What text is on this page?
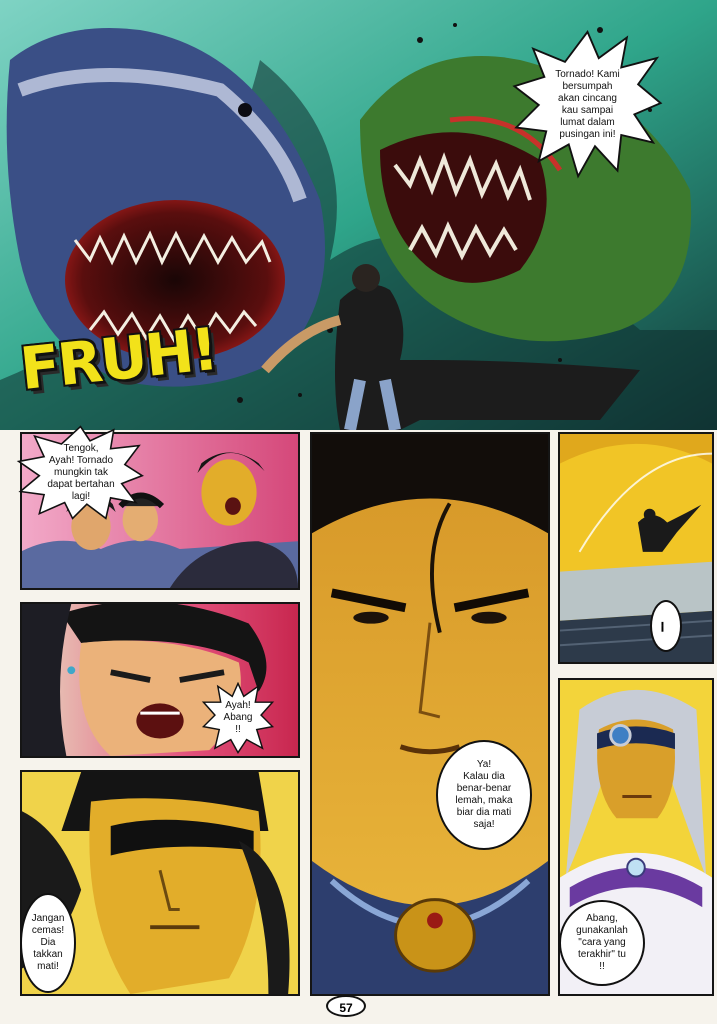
FRUH!
Tornado! Kami
bersumpah
akan cincang
kau sampai
lumat dalam
pusingan ini!
Tengok,
Ayah! Tornado
mungkin tak
dapat bertahan
lagi!
Ayah!
Abang
!!
Jangan
cemas!
Dia
takkan
mati!
Ya!
Kalau dia
benar-benar
lemah, maka
biar dia mati
saja!
......
Abang,
gunakanlah
"cara yang
terakhir" tu
!!
57
